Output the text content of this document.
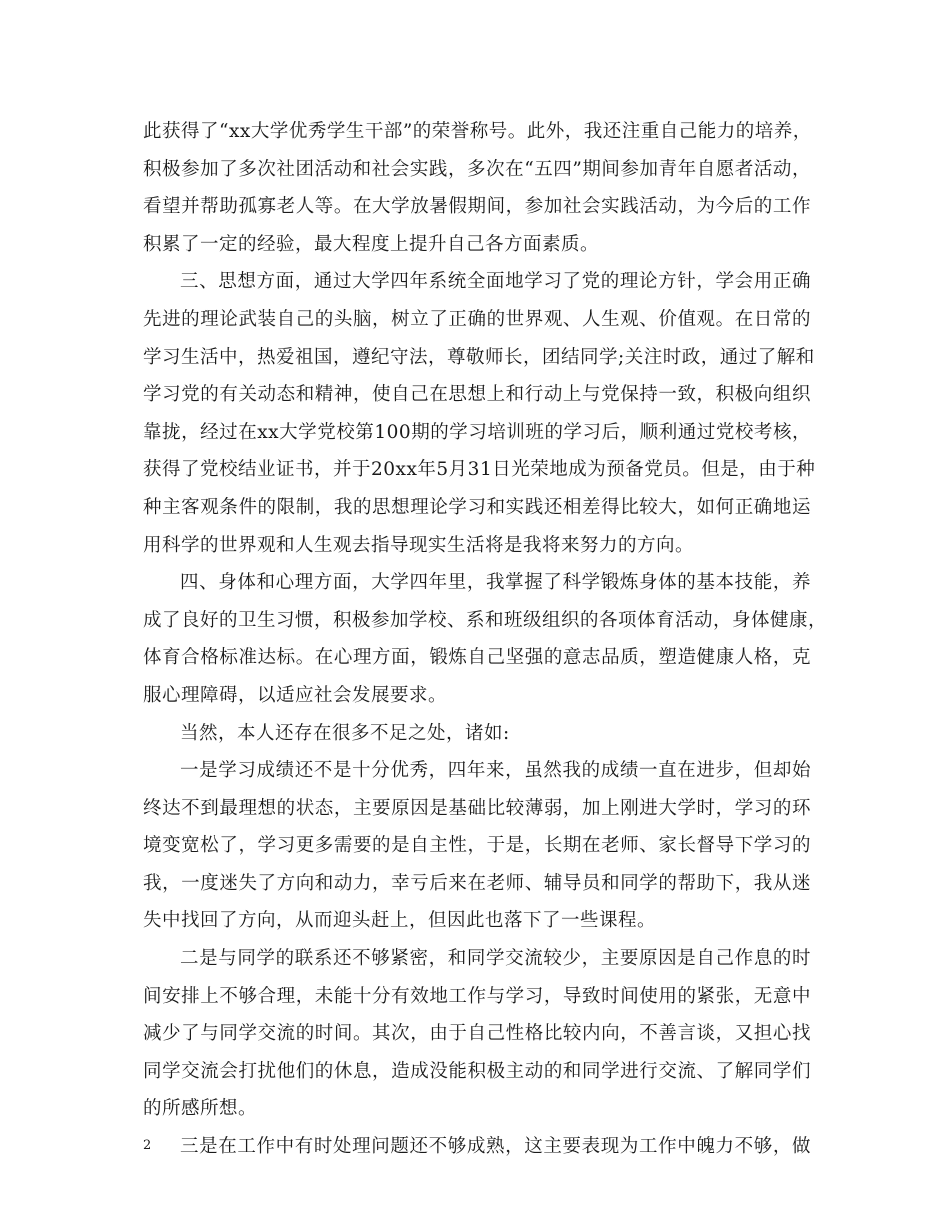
此获得了“xx大学优秀学生干部”的荣誉称号。此外，我还注重自己能力的培养，
积极参加了多次社团活动和社会实践，多次在“五四”期间参加青年自愿者活动，
看望并帮助孤寡老人等。在大学放暑假期间，参加社会实践活动，为今后的工作
积累了一定的经验，最大程度上提升自己各方面素质。
三、思想方面，通过大学四年系统全面地学习了党的理论方针，学会用正确
先进的理论武装自己的头脑，树立了正确的世界观、人生观、价值观。在日常的
学习生活中，热爱祖国，遵纪守法，尊敬师长，团结同学;关注时政，通过了解和
学习党的有关动态和精神，使自己在思想上和行动上与党保持一致，积极向组织
靠拢，经过在xx大学党校第100期的学习培训班的学习后，顺利通过党校考核，
获得了党校结业证书，并于20xx年5月31日光荣地成为预备党员。但是，由于种
种主客观条件的限制，我的思想理论学习和实践还相差得比较大，如何正确地运
用科学的世界观和人生观去指导现实生活将是我将来努力的方向。
四、身体和心理方面，大学四年里，我掌握了科学锻炼身体的基本技能，养
成了良好的卫生习惯，积极参加学校、系和班级组织的各项体育活动，身体健康，
体育合格标准达标。在心理方面，锻炼自己坚强的意志品质，塑造健康人格，克
服心理障碍，以适应社会发展要求。
当然，本人还存在很多不足之处，诸如:
一是学习成绩还不是十分优秀，四年来，虽然我的成绩一直在进步，但却始
终达不到最理想的状态，主要原因是基础比较薄弱，加上刚进大学时，学习的环
境变宽松了，学习更多需要的是自主性，于是，长期在老师、家长督导下学习的
我，一度迷失了方向和动力，幸亏后来在老师、辅导员和同学的帮助下，我从迷
失中找回了方向，从而迎头赶上，但因此也落下了一些课程。
二是与同学的联系还不够紧密，和同学交流较少，主要原因是自己作息的时
间安排上不够合理，未能十分有效地工作与学习，导致时间使用的紧张，无意中
减少了与同学交流的时间。其次，由于自己性格比较内向，不善言谈，又担心找
同学交流会打扰他们的休息，造成没能积极主动的和同学进行交流、了解同学们
的所感所想。
三是在工作中有时处理问题还不够成熟，这主要表现为工作中魄力不够，做
2
